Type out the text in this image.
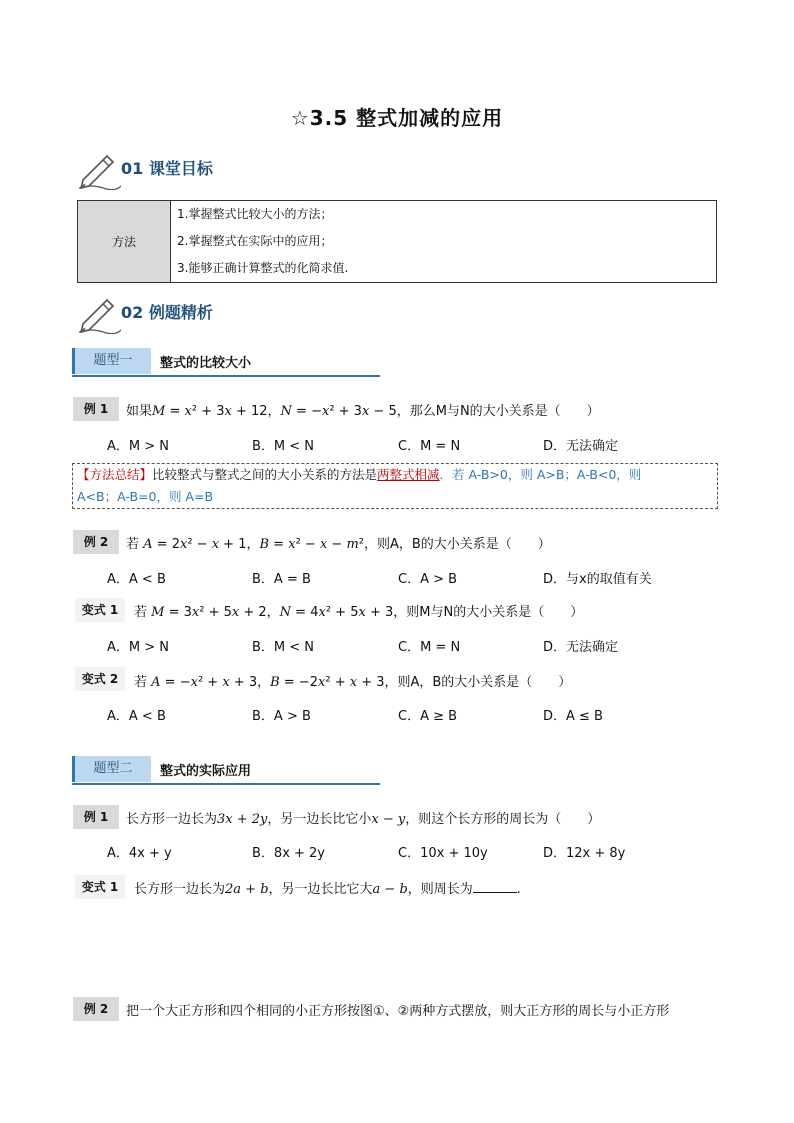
☆3.5 整式加减的应用
01 课堂目标
方法	1.掌握整式比较大小的方法；
2.掌握整式在实际中的应用；
3.能够正确计算整式的化简求值.
02 例题精析
题型一	整式的比较大小
例 1	如果M = x² + 3x + 12，N = −x² + 3x − 5，那么M与N的大小关系是（　　）
A．M > N	B．M < N	C．M = N	D．无法确定
【方法总结】比较整式与整式之间的大小关系的方法是两整式相减．若 A-B>0，则 A>B；A-B<0，则
A<B；A-B=0，则 A=B
例 2	若 A = 2x² − x + 1，B = x² − x − m²，则A，B的大小关系是（　　）
A．A < B	B．A = B	C．A > B	D．与x的取值有关
变式 1	若 M = 3x² + 5x + 2，N = 4x² + 5x + 3，则M与N的大小关系是（　　）
A．M > N	B．M < N	C．M = N	D．无法确定
变式 2	若 A = −x² + x + 3，B = −2x² + x + 3，则A，B的大小关系是（　　）
A．A < B	B．A > B	C．A ≥ B	D．A ≤ B
题型二	整式的实际应用
例 1	长方形一边长为3x + 2y，另一边长比它小x − y，则这个长方形的周长为（　　）
A．4x + y	B．8x + 2y	C．10x + 10y	D．12x + 8y
变式 1	长方形一边长为2a + b，另一边长比它大a − b，则周长为	.
例 2	把一个大正方形和四个相同的小正方形按图①、②两种方式摆放，则大正方形的周长与小正方形
